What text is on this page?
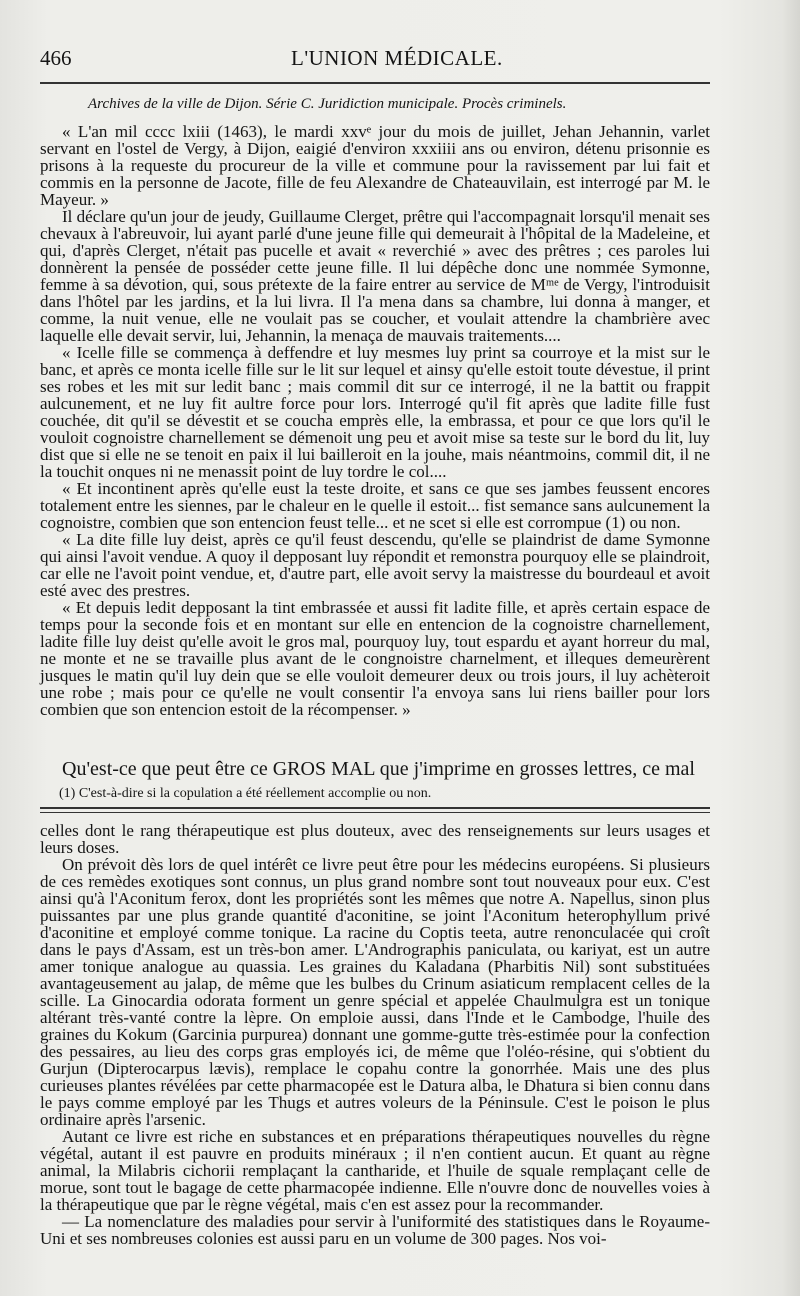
466	L'UNION MÉDICALE.
Archives de la ville de Dijon. Série C. Juridiction municipale. Procès criminels.

« L'an mil cccc lxiii (1463), le mardi xxvᵉ jour du mois de juillet, Jehan Jehannin, varlet servant en l'ostel de Vergy, à Dijon, eaigié d'environ xxxiiii ans ou environ, détenu prisonnie es prisons à la requeste du procureur de la ville et commune pour la ravissement par lui fait et commis en la personne de Jacote, fille de feu Alexandre de Chateauvilain, est interrogé par M. le Mayeur. »

Il déclare qu'un jour de jeudy, Guillaume Clerget, prêtre qui l'accompagnait lorsqu'il menait ses chevaux à l'abreuvoir, lui ayant parlé d'une jeune fille qui demeurait à l'hôpital de la Madeleine, et qui, d'après Clerget, n'était pas pucelle et avait « reverchié » avec des prêtres ; ces paroles lui donnèrent la pensée de posséder cette jeune fille. Il lui dépêche donc une nommée Symonne, femme à sa dévotion, qui, sous prétexte de la faire entrer au service de Mᵐᵉ de Vergy, l'introduisit dans l'hôtel par les jardins, et la lui livra. Il l'a mena dans sa chambre, lui donna à manger, et comme, la nuit venue, elle ne voulait pas se coucher, et voulait attendre la chambrière avec laquelle elle devait servir, lui, Jehannin, la menaça de mauvais traitements....

« Icelle fille se commença à deffendre et luy mesmes luy print sa courroye et la mist sur le banc, et après ce monta icelle fille sur le lit sur lequel et ainsy qu'elle estoit toute dévestue, il print ses robes et les mit sur ledit banc ; mais commil dit sur ce interrogé, il ne la battit ou frappit aulcunement, et ne luy fit aultre force pour lors. Interrogé qu'il fit après que ladite fille fust couchée, dit qu'il se dévestit et se coucha emprès elle, la embrassa, et pour ce que lors qu'il le vouloit cognoistre charnellement se démenoit ung peu et avoit mise sa teste sur le bord du lit, luy dist que si elle ne se tenoit en paix il lui bailleroit en la jouhe, mais néantmoins, commil dit, il ne la touchit onques ni ne menassit point de luy tordre le col....

« Et incontinent après qu'elle eust la teste droite, et sans ce que ses jambes feussent encores totalement entre les siennes, par le chaleur en le quelle il estoit... fist semance sans aulcunement la cognoistre, combien que son entencion feust telle... et ne scet si elle est corrompue (1) ou non.

« La dite fille luy deist, après ce qu'il feust descendu, qu'elle se plaindrist de dame Symonne qui ainsi l'avoit vendue. A quoy il depposant luy répondit et remonstra pourquoy elle se plaindroit, car elle ne l'avoit point vendue, et, d'autre part, elle avoit servy la maistresse du bourdeaul et avoit esté avec des prestres.

« Et depuis ledit depposant la tint embrassée et aussi fit ladite fille, et après certain espace de temps pour la seconde fois et en montant sur elle en entencion de la cognoistre charnellement, ladite fille luy deist qu'elle avoit le gros mal, pourquoy luy, tout espardu et ayant horreur du mal, ne monte et ne se travaille plus avant de le congnoistre charnelment, et illeques demeurèrent jusques le matin qu'il luy dein que se elle vouloit demeurer deux ou trois jours, il luy achèteroit une robe ; mais pour ce qu'elle ne voult consentir l'a envoya sans lui riens bailler pour lors combien que son entencion estoit de la récompenser. »

Qu'est-ce que peut être ce GROS MAL que j'imprime en grosses lettres, ce mal
(1) C'est-à-dire si la copulation a été réellement accomplie ou non.

celles dont le rang thérapeutique est plus douteux, avec des renseignements sur leurs usages et leurs doses.

On prévoit dès lors de quel intérêt ce livre peut être pour les médecins européens. Si plusieurs de ces remèdes exotiques sont connus, un plus grand nombre sont tout nouveaux pour eux. C'est ainsi qu'à l'Aconitum ferox, dont les propriétés sont les mêmes que notre A. Napellus, sinon plus puissantes par une plus grande quantité d'aconitine, se joint l'Aconitum heterophyllum privé d'aconitine et employé comme tonique. La racine du Coptis teeta, autre renonculacée qui croît dans le pays d'Assam, est un très-bon amer. L'Andrographis paniculata, ou kariyat, est un autre amer tonique analogue au quassia. Les graines du Kaladana (Pharbitis Nil) sont substituées avantageusement au jalap, de même que les bulbes du Crinum asiaticum remplacent celles de la scille. La Ginocardia odorata forment un genre spécial et appelée Chaulmulgra est un tonique altérant très-vanté contre la lèpre. On emploie aussi, dans l'Inde et le Cambodge, l'huile des graines du Kokum (Garcinia purpurea) donnant une gomme-gutte très-estimée pour la confection des pessaires, au lieu des corps gras employés ici, de même que l'oléo-résine, qui s'obtient du Gurjun (Dipterocarpus lævis), remplace le copahu contre la gonorrhée. Mais une des plus curieuses plantes révélées par cette pharmacopée est le Datura alba, le Dhatura si bien connu dans le pays comme employé par les Thugs et autres voleurs de la Péninsule. C'est le poison le plus ordinaire après l'arsenic.

Autant ce livre est riche en substances et en préparations thérapeutiques nouvelles du règne végétal, autant il est pauvre en produits minéraux ; il n'en contient aucun. Et quant au règne animal, la Milabris cichorii remplaçant la cantharide, et l'huile de squale remplaçant celle de morue, sont tout le bagage de cette pharmacopée indienne. Elle n'ouvre donc de nouvelles voies à la thérapeutique que par le règne végétal, mais c'en est assez pour la recommander.

— La nomenclature des maladies pour servir à l'uniformité des statistiques dans le Royaume-Uni et ses nombreuses colonies est aussi paru en un volume de 300 pages. Nos voi-
